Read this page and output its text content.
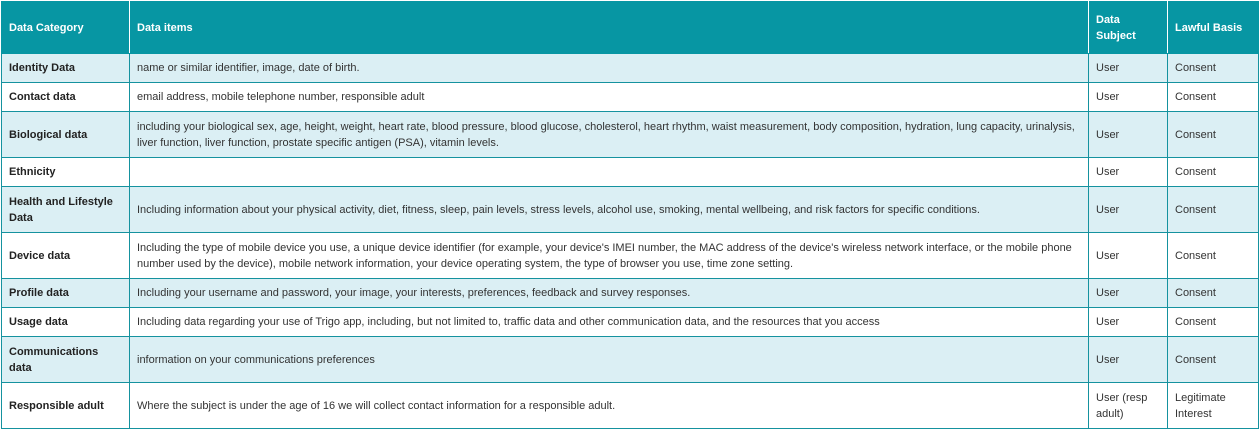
Data Category	Data items	Data Subject	Lawful Basis
Identity Data	name or similar identifier, image, date of birth.	User	Consent
Contact data	email address, mobile telephone number, responsible adult	User	Consent
Biological data	including your biological sex, age, height, weight, heart rate, blood pressure, blood glucose, cholesterol, heart rhythm, waist measurement, body composition, hydration, lung capacity, urinalysis, liver function, liver function, prostate specific antigen (PSA), vitamin levels.	User	Consent
Ethnicity		User	Consent
Health and Lifestyle Data	Including information about your physical activity, diet, fitness, sleep, pain levels, stress levels, alcohol use, smoking, mental wellbeing, and risk factors for specific conditions.	User	Consent
Device data	Including the type of mobile device you use, a unique device identifier (for example, your device's IMEI number, the MAC address of the device's wireless network interface, or the mobile phone number used by the device), mobile network information, your device operating system, the type of browser you use, time zone setting.	User	Consent
Profile data	Including your username and password, your image, your interests, preferences, feedback and survey responses.	User	Consent
Usage data	Including data regarding your use of Trigo app, including, but not limited to, traffic data and other communication data, and the resources that you access	User	Consent
Communications data	information on your communications preferences	User	Consent
Responsible adult	Where the subject is under the age of 16 we will collect contact information for a responsible adult.	User (resp adult)	Legitimate Interest
